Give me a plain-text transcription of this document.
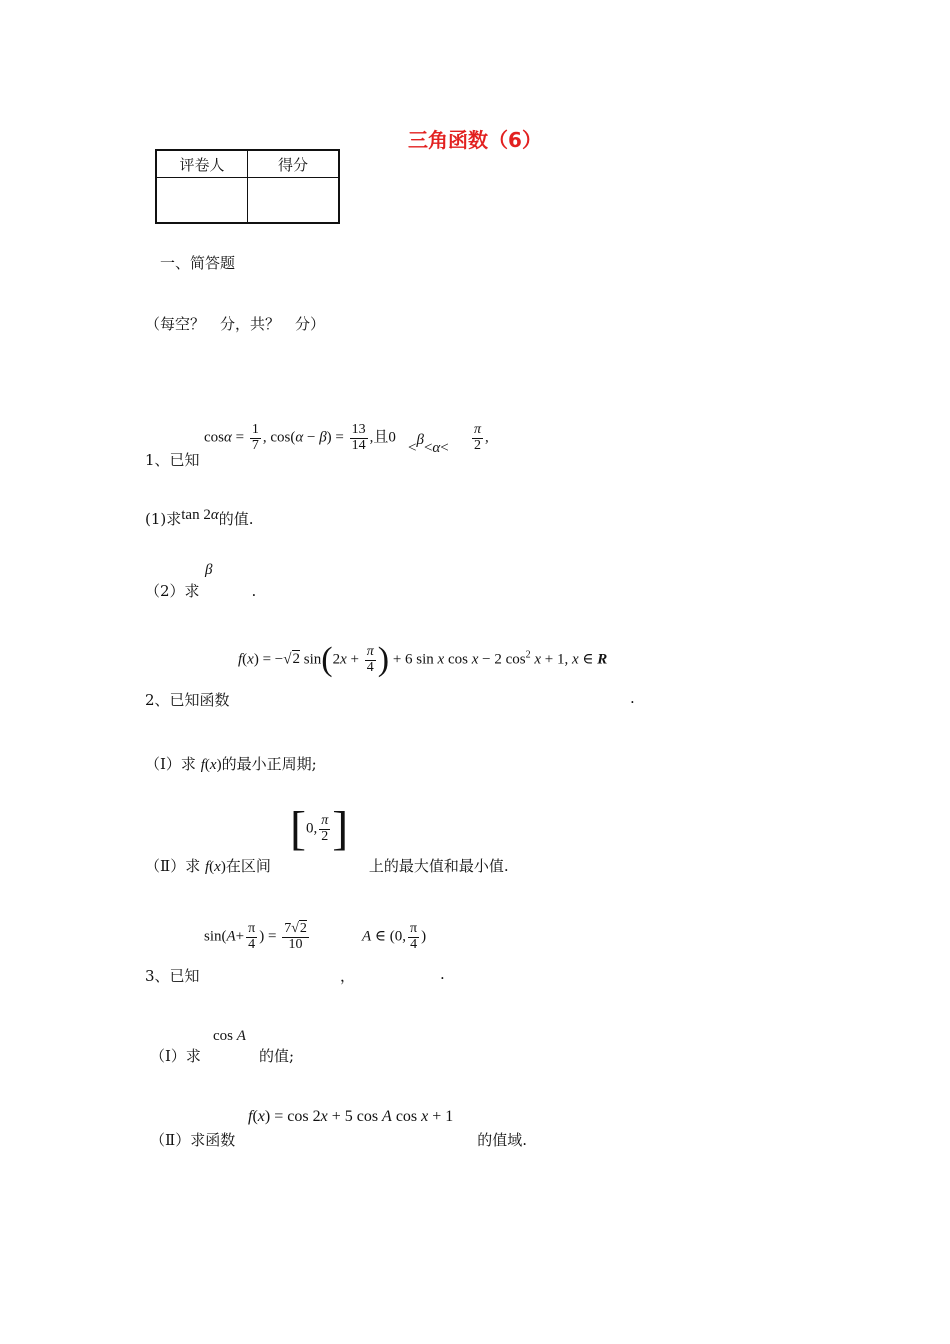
三角函数（6）
评卷人	得分

一、简答题
（每空？　分，共？　分）
1、已知
$\cos\alpha = \frac{1}{7}$ , $\cos(\alpha - \beta) = \frac{13}{14}$ ,且0
$<\beta<\alpha< \frac{\pi}{2}$ ,
(1)求tan 2α的值.
β
（2）求	.
f(x) = −√2 $\sin(2x + \frac{\pi}{4}$ ) + 6 sin x cos x − 2 $\cos^2 x + 1$, x ∈ R
2、已知函数	.
（Ⅰ）求 f(x)的最小正周期;
[0, $\frac{\pi}{2}$ ]
（Ⅱ）求 f(x)在区间	上的最大值和最小值.
$\sin(A+ \frac{\pi}{4}$ ) = $\frac{7√2}{10}$	A ∈ (0, $\frac{\pi}{4}$ )
3、已知	，	.
cos A
（Ⅰ）求	的值;
f(x) = cos 2x + 5 cos A cos x + 1
（Ⅱ）求函数	的值域.
